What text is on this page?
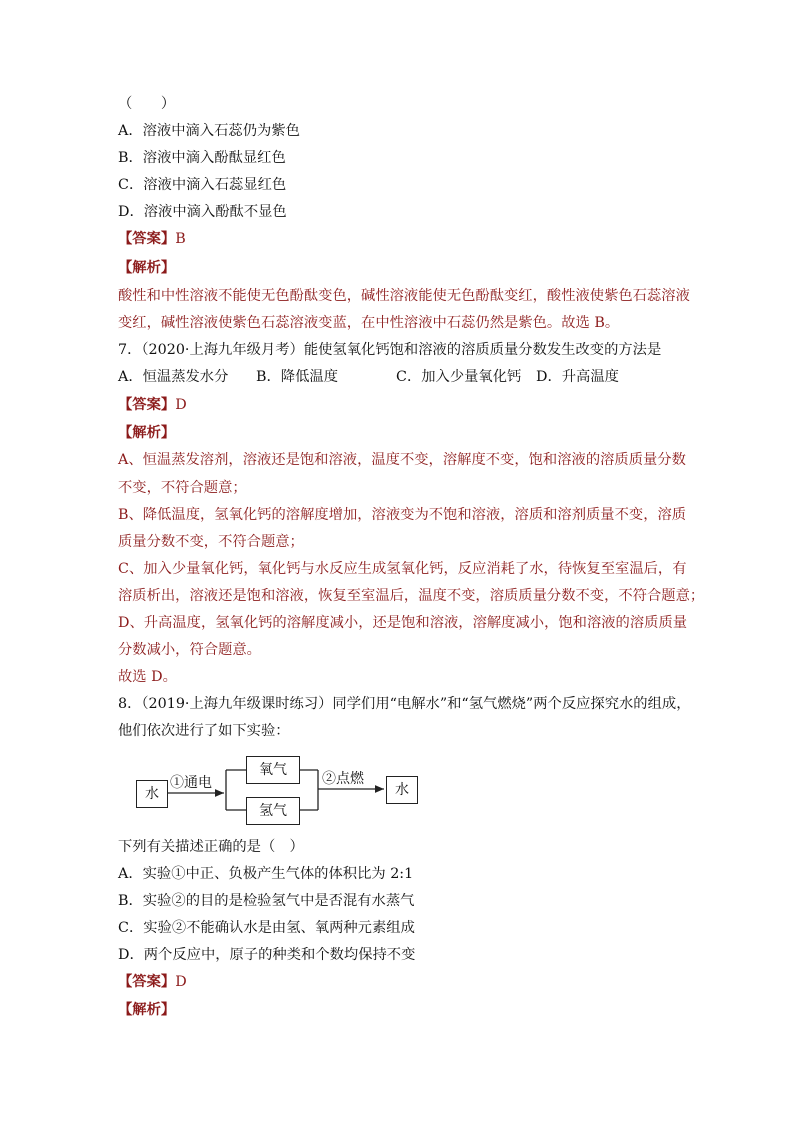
（　　）
A．溶液中滴入石蕊仍为紫色
B．溶液中滴入酚酞显红色
C．溶液中滴入石蕊显红色
D．溶液中滴入酚酞不显色
【答案】B
【解析】
酸性和中性溶液不能使无色酚酞变色，碱性溶液能使无色酚酞变红，酸性液使紫色石蕊溶液
变红，碱性溶液使紫色石蕊溶液变蓝，在中性溶液中石蕊仍然是紫色。故选 B。
7．（2020·上海九年级月考）能使氢氧化钙饱和溶液的溶质质量分数发生改变的方法是
A．恒温蒸发水分 B．降低温度	C．加入少量氧化钙 D．升高温度
【答案】D
【解析】
A、恒温蒸发溶剂，溶液还是饱和溶液，温度不变，溶解度不变，饱和溶液的溶质质量分数
不变，不符合题意；
B、降低温度，氢氧化钙的溶解度增加，溶液变为不饱和溶液，溶质和溶剂质量不变，溶质
质量分数不变，不符合题意；
C、加入少量氧化钙，氧化钙与水反应生成氢氧化钙，反应消耗了水，待恢复至室温后，有
溶质析出，溶液还是饱和溶液，恢复至室温后，温度不变，溶质质量分数不变，不符合题意；
D、升高温度，氢氧化钙的溶解度减小，还是饱和溶液，溶解度减小，饱和溶液的溶质质量
分数减小，符合题意。
故选 D。
8．（2019·上海九年级课时练习）同学们用“电解水”和“氢气燃烧”两个反应探究水的组成，
他们依次进行了如下实验：
水
①通电
氧气
氢气
②点燃
水
下列有关描述正确的是（　）
A．实验①中正、负极产生气体的体积比为 2:1
B．实验②的目的是检验氢气中是否混有水蒸气
C．实验②不能确认水是由氢、氧两种元素组成
D．两个反应中，原子的种类和个数均保持不变
【答案】D
【解析】
